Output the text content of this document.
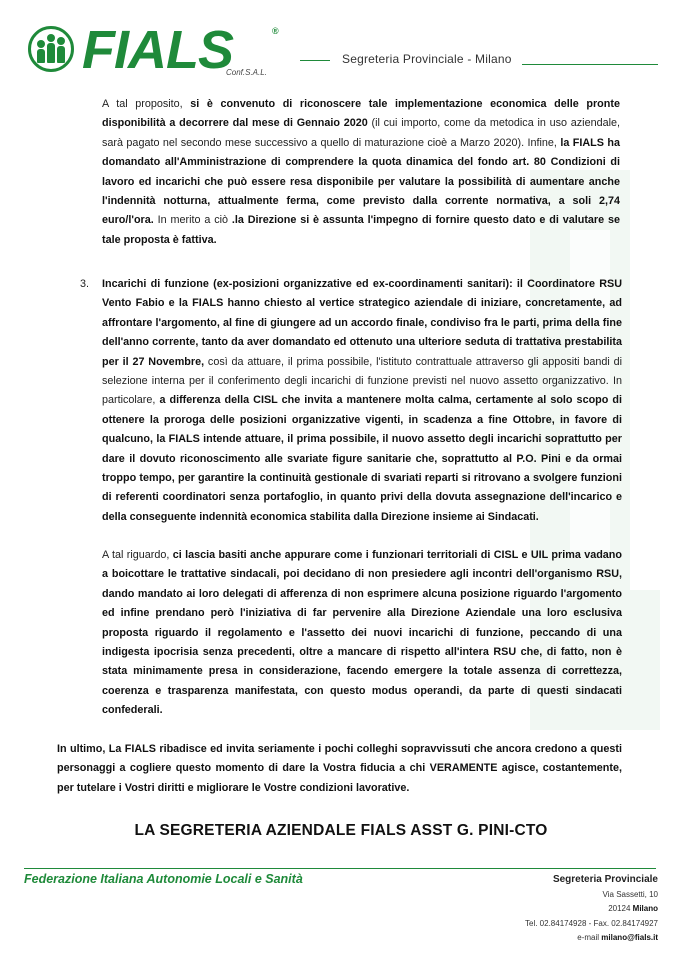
FIALS	®
Conf.S.A.L.
Segreteria Provinciale - Milano
A tal proposito, si è convenuto di riconoscere tale implementazione economica delle pronte disponibilità a decorrere dal mese di Gennaio 2020 (il cui importo, come da metodica in uso aziendale, sarà pagato nel secondo mese successivo a quello di maturazione cioè a Marzo 2020). Infine, la FIALS ha domandato all'Amministrazione di comprendere la quota dinamica del fondo art. 80 Condizioni di lavoro ed incarichi che può essere resa disponibile per valutare la possibilità di aumentare anche l'indennità notturna, attualmente ferma, come previsto dalla corrente normativa, a soli 2,74 euro/l'ora. In merito a ciò .la Direzione si è assunta l'impegno di fornire questo dato e di valutare se tale proposta è fattiva.
3. Incarichi di funzione (ex-posizioni organizzative ed ex-coordinamenti sanitari): il Coordinatore RSU Vento Fabio e la FIALS hanno chiesto al vertice strategico aziendale di iniziare, concretamente, ad affrontare l'argomento, al fine di giungere ad un accordo finale, condiviso fra le parti, prima della fine dell'anno corrente, tanto da aver domandato ed ottenuto una ulteriore seduta di trattativa prestabilita per il 27 Novembre, così da attuare, il prima possibile, l'istituto contrattuale attraverso gli appositi bandi di selezione interna per il conferimento degli incarichi di funzione previsti nel nuovo assetto organizzativo. In particolare, a differenza della CISL che invita a mantenere molta calma, certamente al solo scopo di ottenere la proroga delle posizioni organizzative vigenti, in scadenza a fine Ottobre, in favore di qualcuno, la FIALS intende attuare, il prima possibile, il nuovo assetto degli incarichi soprattutto per dare il dovuto riconoscimento alle svariate figure sanitarie che, soprattutto al P.O. Pini e da ormai troppo tempo, per garantire la continuità gestionale di svariati reparti si ritrovano a svolgere funzioni di referenti coordinatori senza portafoglio, in quanto privi della dovuta assegnazione dell'incarico e della conseguente indennità economica stabilita dalla Direzione insieme ai Sindacati.
A tal riguardo, ci lascia basiti anche appurare come i funzionari territoriali di CISL e UIL prima vadano a boicottare le trattative sindacali, poi decidano di non presiedere agli incontri dell'organismo RSU, dando mandato ai loro delegati di afferenza di non esprimere alcuna posizione riguardo l'argomento ed infine prendano però l'iniziativa di far pervenire alla Direzione Aziendale una loro esclusiva proposta riguardo il regolamento e l'assetto dei nuovi incarichi di funzione, peccando di una indigesta ipocrisia senza precedenti, oltre a mancare di rispetto all'intera RSU che, di fatto, non è stata minimamente presa in considerazione, facendo emergere la totale assenza di correttezza, coerenza e trasparenza manifestata, con questo modus operandi, da parte di questi sindacati confederali.
In ultimo, La FIALS ribadisce ed invita seriamente i pochi colleghi sopravvissuti che ancora credono a questi personaggi a cogliere questo momento di dare la Vostra fiducia a chi VERAMENTE agisce, costantemente, per tutelare i Vostri diritti e migliorare le Vostre condizioni lavorative.
LA SEGRETERIA AZIENDALE FIALS ASST G. PINI-CTO
Federazione Italiana Autonomie Locali e Sanità	Segreteria Provinciale
Via Sassetti, 10
20124 Milano
Tel. 02.84174928 - Fax. 02.84174927
e-mail milano@fials.it
